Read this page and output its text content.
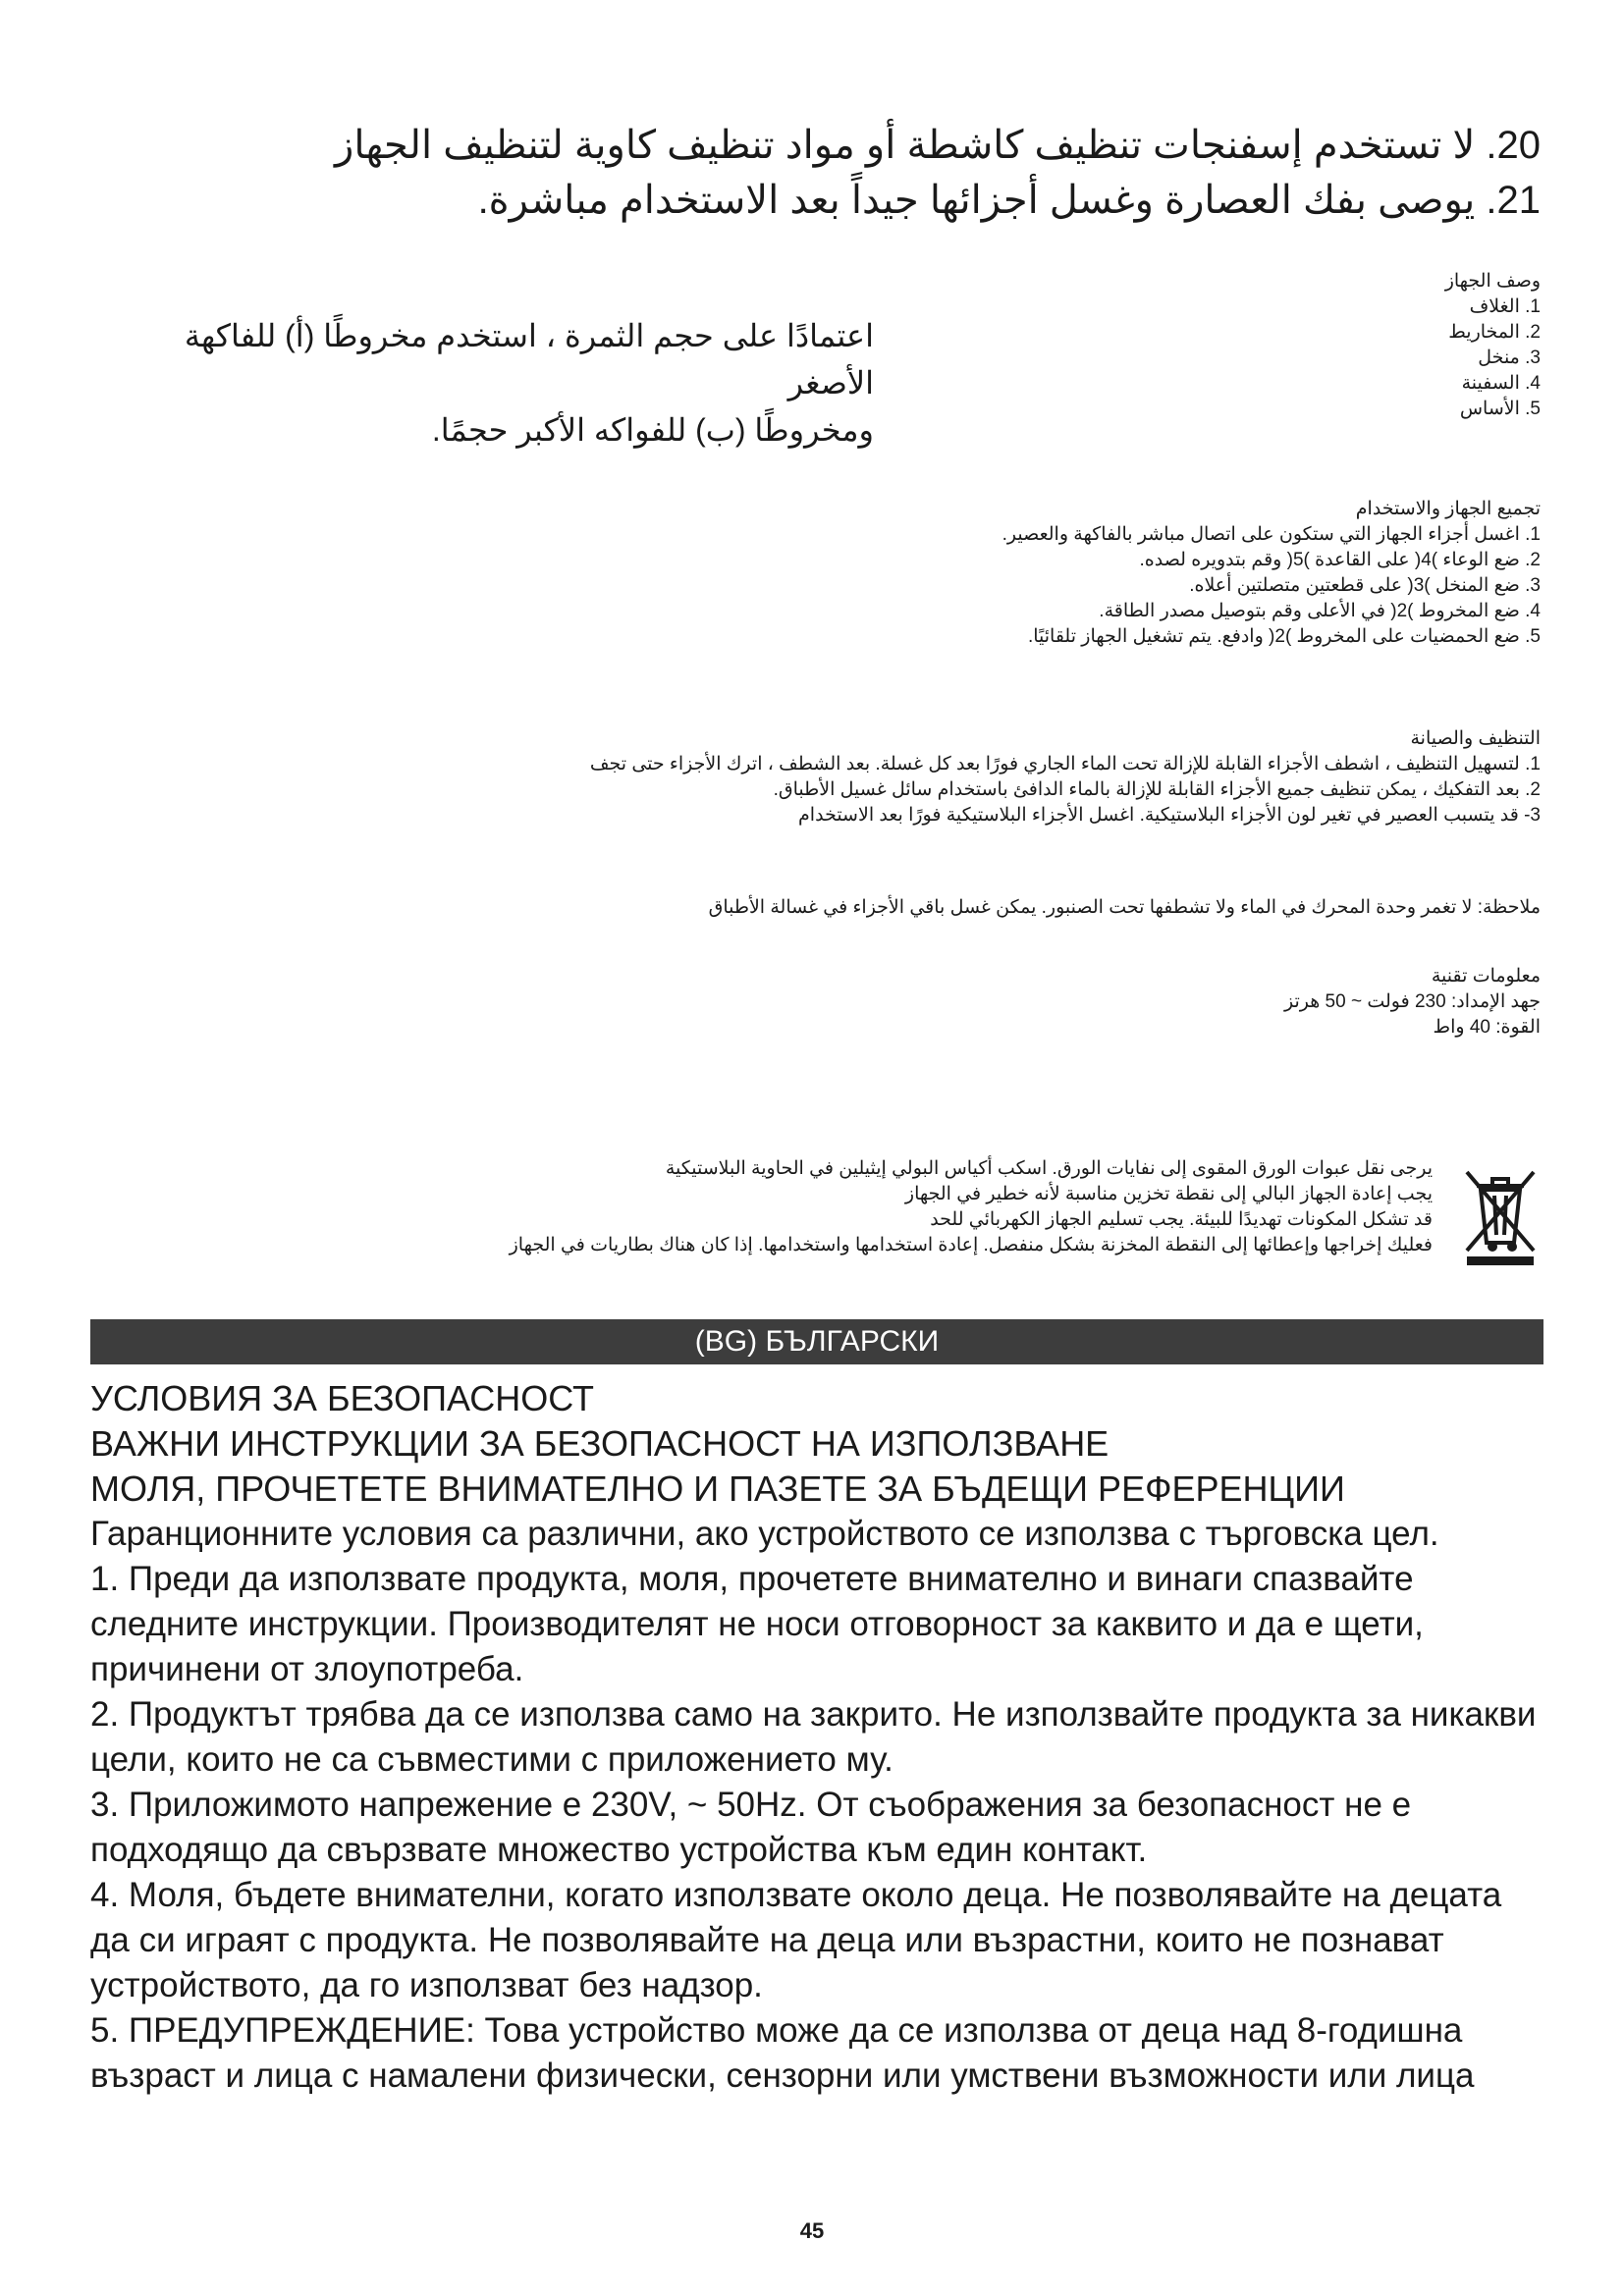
20. لا تستخدم إسفنجات تنظيف كاشطة أو مواد تنظيف كاوية لتنظيف الجهاز
21. يوصى بفك العصارة وغسل أجزائها جيداً بعد الاستخدام مباشرة.
اعتمادًا على حجم الثمرة ، استخدم مخروطًا (أ) للفاكهة الأصغر
ومخروطًا (ب) للفواكه الأكبر حجمًا.
وصف الجهاز
1. الغلاف
2. المخاريط
3. منخل
4. السفينة
5. الأساس
تجميع الجهاز والاستخدام
1. اغسل أجزاء الجهاز التي ستكون على اتصال مباشر بالفاكهة والعصير.
2. ضع الوعاء )4( على القاعدة )5( وقم بتدويره لصده.
3. ضع المنخل )3( على قطعتين متصلتين أعلاه.
4. ضع المخروط )2( في الأعلى وقم بتوصيل مصدر الطاقة.
5. ضع الحمضيات على المخروط )2( وادفع. يتم تشغيل الجهاز تلقائيًا.
التنظيف والصيانة
1. لتسهيل التنظيف ، اشطف الأجزاء القابلة للإزالة تحت الماء الجاري فورًا بعد كل غسلة. بعد الشطف ، اترك الأجزاء حتى تجف
2. بعد التفكيك ، يمكن تنظيف جميع الأجزاء القابلة للإزالة بالماء الدافئ باستخدام سائل غسيل الأطباق.
3- قد يتسبب العصير في تغير لون الأجزاء البلاستيكية. اغسل الأجزاء البلاستيكية فورًا بعد الاستخدام
ملاحظة: لا تغمر وحدة المحرك في الماء ولا تشطفها تحت الصنبور. يمكن غسل باقي الأجزاء في غسالة الأطباق
معلومات تقنية
جهد الإمداد: 230 فولت ~ 50 هرتز
القوة: 40 واط
يرجى نقل عبوات الورق المقوى إلى نفايات الورق. اسكب أكياس البولي إيثيلين في الحاوية البلاستيكية
يجب إعادة الجهاز البالي إلى نقطة تخزين مناسبة لأنه خطير في الجهاز
قد تشكل المكونات تهديدًا للبيئة. يجب تسليم الجهاز الكهربائي للحد
فعليك إخراجها وإعطائها إلى النقطة المخزنة بشكل منفصل. إعادة استخدامها واستخدامها. إذا كان هناك بطاريات في الجهاز
(BG) БЪЛГАРСКИ

УСЛОВИЯ ЗА БЕЗОПАСНОСТ

ВАЖНИ ИНСТРУКЦИИ ЗА БЕЗОПАСНОСТ НА ИЗПОЛЗВАНЕ

МОЛЯ, ПРОЧЕТЕТЕ ВНИМАТЕЛНО И ПАЗЕТЕ ЗА БЪДЕЩИ РЕФЕРЕНЦИИ

Гаранционните условия са различни, ако устройството се използва с търговска цел.

1. Преди да използвате продукта, моля, прочетете внимателно и винаги спазвайте следните инструкции. Производителят не носи отговорност за каквито и да е щети, причинени от злоупотреба.

2. Продуктът трябва да се използва само на закрито. Не използвайте продукта за никакви цели, които не са съвместими с приложението му.

3. Приложимото напрежение е 230V, ~ 50Hz. От съображения за безопасност не е подходящо да свързвате множество устройства към един контакт.

4. Моля, бъдете внимателни, когато използвате около деца. Не позволявайте на децата да си играят с продукта. Не позволявайте на деца или възрастни, които не познават устройството, да го използват без надзор.

5. ПРЕДУПРЕЖДЕНИЕ: Това устройство може да се използва от деца над 8-годишна възраст и лица с намалени физически, сензорни или умствени възможности или лица

45
